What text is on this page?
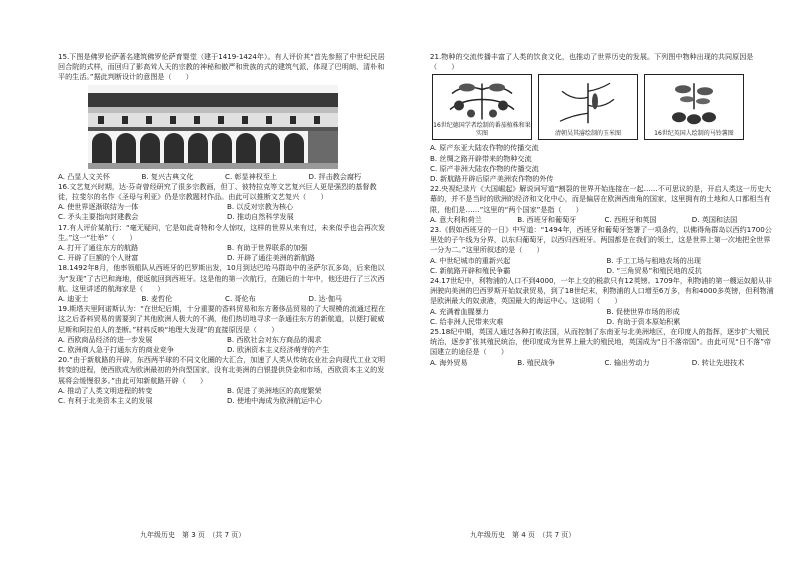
15.下图是佛罗伦萨著名建筑佛罗伦萨育婴堂（建于1419-1424年）。有人评价其“首先参照了中世纪民居回合院的式样，而回归了影高耸人天的宗教的神秘和傲严和贵族的式的建筑气派，体现了巴明朗、清朴和平的生活。”据此判断设计的意图是（　　）

A. 凸显人文关怀	B. 复兴古典文化	C. 彰显神权至上	D. 抨击教会腐朽

16.文艺复兴时期，达·芬奇曾经研究了很多宗教画，但丁、彼特拉克等文艺复兴巨人更是强烈的基督教徒，拉斐尔的名作《圣母与利亚》仍是宗教题材作品。由此可以推断文艺复兴（　　）

A. 使世界逐渐联结为一体	B. 以反对宗教为核心
C. 矛头主要指向封建教会	D. 推动自然科学发展

17.有人评价某航行：“毫无疑问，它是如此奇特和令人惊叹，这样的世界从来有过，未来似乎也会再次发生。”这一“壮举”（　　）

A. 打开了通往东方的航路	B. 有助于世界联系的加强
C. 开辟了巨额的个人财富	D. 开辟了通往美洲的新航路

18.1492年8月，他率领船队从西班牙的巴罗斯出发，10月到达巴哈马群岛中的圣萨尔瓦多岛，后来他以为“发现”了古巴和海地，便返航回到西班牙。这是他的第一次航行，在随后的十年中，他还进行了三次西航。这里讲述的航海家是（　　）

A. 迪亚士	B. 麦哲伦	C. 哥伦布	D. 达·伽马

19.斯塔夫里阿诺斯认为：“在世纪后期，十分重要的香料贸易和东方奢侈品贸易的了大规模的流通过程在这之后香料贸易的需要到了其他欧洲人极大的不满，他们热切地寻求一条通往东方的新航道，以便打破威尼斯和阿拉伯人的垄断。”材料反映“地理大发现”的直接原因是（　　）

A. 西欧商品经济的进一步发展	B. 西欧社会对东方商品的渴求
C. 欧洲商人急于打通东方的商业竞争	D. 欧洲资本主义经济萌芽的产生

20.“由于新航路的开辟，东西两半球的不同文化圈的大汇合，加速了人类从传统农业社会向现代工业文明转变的进程，使西欧成为欧洲最初的外向型国家，没有北美洲的白银提供贷金和市场，西欧资本主义的发展将会缓慢很多。”由此可知新航路开辟（　　）

A. 推动了人类文明进程的转变	B. 促进了美洲地区的高度繁荣
C. 有利于北美资本主义的发展	D. 使地中海成为欧洲航运中心

21.物种的交流传播丰富了人类的饮食文化，也推动了世界历史的发展。下列图中物种出现的共同原因是（　　）

16世纪德国学者绘制的番茄植株和果实图	清朝吴其濬绘制的玉米图	16世纪英国人绘制的马铃薯图
A. 原产东亚大陆农作物的传播交流
B. 丝绸之路开辟带来的物种交流
C. 原产非洲大陆农作物的传播交流
D. 新航路开辟后原产美洲农作物的外传

22.央视纪录片《大国崛起》解说词写道“割裂的世界开始连接在一起……不可思议的是，开启人类这一历史大幕的，并不是当时的欧洲的经济和文化中心，而是偏居在欧洲西南角的国家，这里拥有的土地和人口都相当有限，他们是……”这里的“两个国家”是指（　　）

A. 意大利和荷兰	B. 西班牙和葡萄牙	C. 西班牙和英国	D. 英国和法国

23.《假如西班牙的一日》中写道：“1494年，西班牙和葡萄牙签署了一项条约，以佛得角群岛以西约1700公里处的子午线为分界，以东归葡萄牙，以西归西班牙。两国都是在我们的领土，这是世界上第一次地把全世界一分为二。”这里所叙述的是（　　）

A. 中世纪城市的重新兴起	B. 手工工场与租地农场的出现
C. 新航路开辟和殖民争霸	D. “三角贸易”和殖民地的反抗

24.17世纪中，利物浦的人口不到4000，一年上交的税款只有12英镑。1709年，利物浦的第一艘运奴船从非洲驶向美洲的巴西罗斯开始奴隶贸易，到了18世纪末，利物浦的人口增至6万多，有和4000多英镑，但利物浦是欧洲最大的奴隶港，英国最大的海运中心。这说明（　　）

A. 充满着血腥暴力	B. 促使世界市场的形成
C. 给非洲人民带来灾难	D. 有助于资本原始积累

25.18纪中期，英国人通过各种打败法国，从而控制了东南亚与北美洲地区，在印度人的指挥，逐步扩大殖民统治，逐步扩张其殖民统治，使印度成为世界上最大的殖民地，英国成为“日不落帝国”。由此可见“日不落”帝国建立的途径是（　　）

A. 海外贸易	B. 殖民战争	C. 输出劳动力	D. 转让先进技术
九年级历史　第 3 页　（共 7 页）	九年级历史　第 4 页　（共 7 页）
